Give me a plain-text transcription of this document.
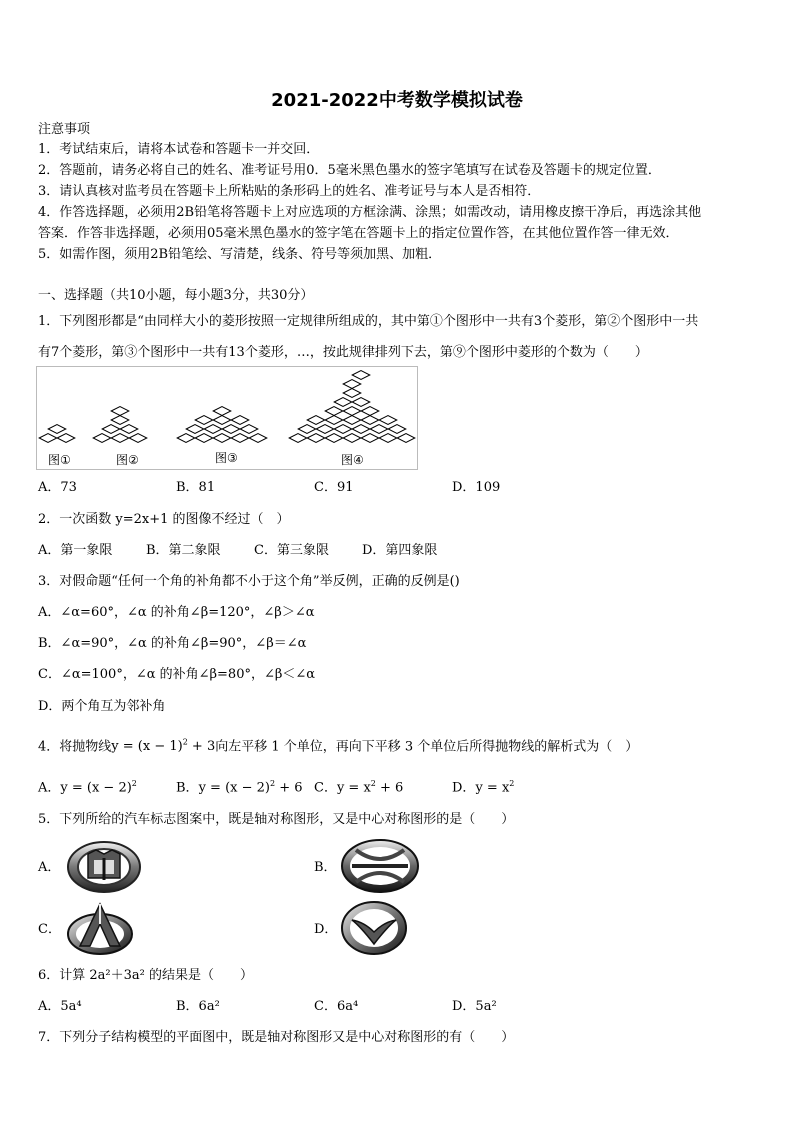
2021-2022中考数学模拟试卷
注意事项
1．考试结束后，请将本试卷和答题卡一并交回．
2．答题前，请务必将自己的姓名、准考证号用0．5毫米黑色墨水的签字笔填写在试卷及答题卡的规定位置．
3．请认真核对监考员在答题卡上所粘贴的条形码上的姓名、准考证号与本人是否相符．
4．作答选择题，必须用2B铅笔将答题卡上对应选项的方框涂满、涂黑；如需改动，请用橡皮擦干净后，再选涂其他
答案．作答非选择题，必须用05毫米黑色墨水的签字笔在答题卡上的指定位置作答，在其他位置作答一律无效．
5．如需作图，须用2B铅笔绘、写清楚，线条、符号等须加黑、加粗．
一、选择题（共10小题，每小题3分，共30分）
1．下列图形都是“由同样大小的菱形按照一定规律所组成的，其中第①个图形中一共有3个菱形，第②个图形中一共
有7个菱形，第③个图形中一共有13个菱形，…，按此规律排列下去，第⑨个图形中菱形的个数为（　　）
图①	图②	图③	图④
A．73	B．81	C．91	D．109
2．一次函数 y=2x+1 的图像不经过（　）
A．第一象限	B．第二象限	C．第三象限	D．第四象限
3．对假命题“任何一个角的补角都不小于这个角”举反例，正确的反例是()
A．∠α=60°，∠α 的补角∠β=120°，∠β＞∠α
B．∠α=90°，∠α 的补角∠β=90°，∠β＝∠α
C．∠α=100°，∠α 的补角∠β=80°，∠β＜∠α
D．两个角互为邻补角
4．将抛物线$y = (x - 1)^2 + 3$向左平移 1 个单位，再向下平移 3 个单位后所得抛物线的解析式为（　）
A．$y = (x - 2)^2$	B．$y = (x - 2)^2 + 6$ C．$y = x^2 + 6$	D．$y = x^2$
5．下列所给的汽车标志图案中，既是轴对称图形，又是中心对称图形的是（　　）
A．	B．
C．	D．
6．计算 2a²＋3a² 的结果是（　　）
A．5a⁴	B．6a²	C．6a⁴	D．5a²
7．下列分子结构模型的平面图中，既是轴对称图形又是中心对称图形的有（　　）
